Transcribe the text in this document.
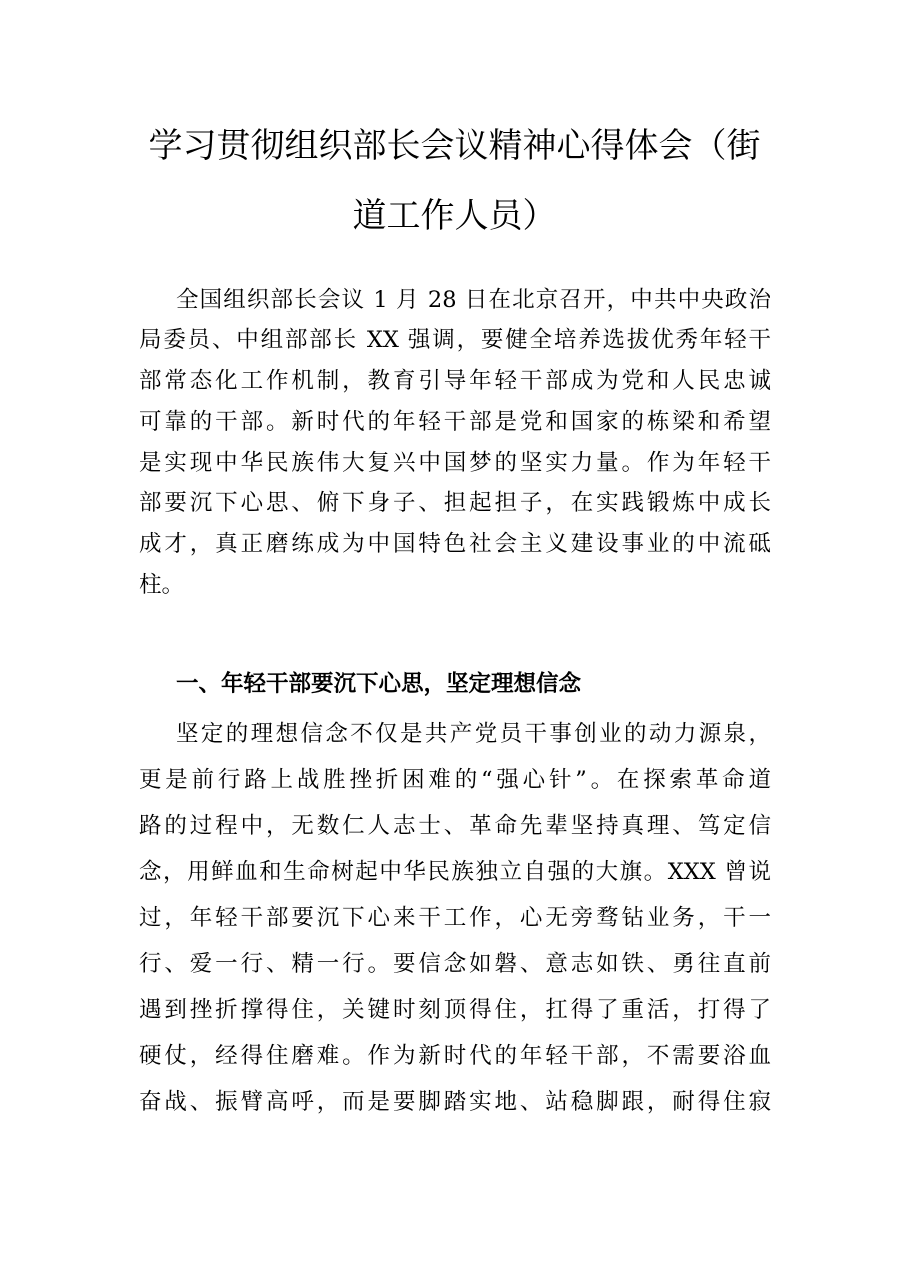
学习贯彻组织部长会议精神心得体会（街
道工作人员）

全国组织部长会议 1 月 28 日在北京召开，中共中央政治

局委员、中组部部长 XX 强调，要健全培养选拔优秀年轻干

部常态化工作机制，教育引导年轻干部成为党和人民忠诚

可靠的干部。新时代的年轻干部是党和国家的栋梁和希望

是实现中华民族伟大复兴中国梦的坚实力量。作为年轻干

部要沉下心思、俯下身子、担起担子，在实践锻炼中成长

成才，真正磨练成为中国特色社会主义建设事业的中流砥

柱。

一、年轻干部要沉下心思，坚定理想信念

坚定的理想信念不仅是共产党员干事创业的动力源泉，

更是前行路上战胜挫折困难的“强心针”。在探索革命道

路的过程中，无数仁人志士、革命先辈坚持真理、笃定信

念，用鲜血和生命树起中华民族独立自强的大旗。XXX 曾说

过，年轻干部要沉下心来干工作，心无旁骛钻业务，干一

行、爱一行、精一行。要信念如磐、意志如铁、勇往直前

遇到挫折撑得住，关键时刻顶得住，扛得了重活，打得了

硬仗，经得住磨难。作为新时代的年轻干部，不需要浴血

奋战、振臂高呼，而是要脚踏实地、站稳脚跟，耐得住寂
